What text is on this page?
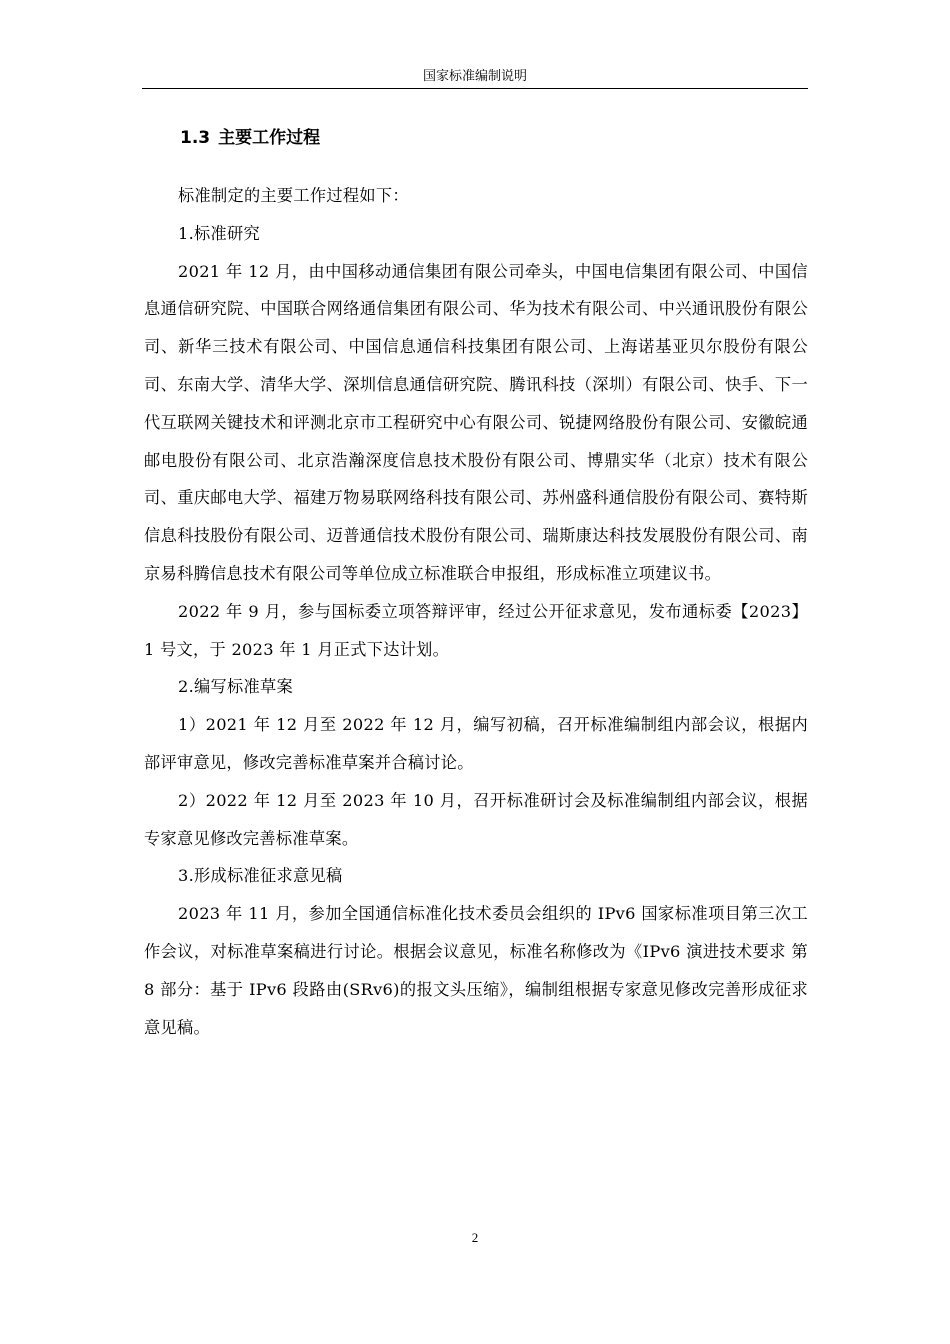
国家标准编制说明
1.3 主要工作过程

标准制定的主要工作过程如下：

1.标准研究

2021 年 12 月，由中国移动通信集团有限公司牵头，中国电信集团有限公司、中国信息通信研究院、中国联合网络通信集团有限公司、华为技术有限公司、中兴通讯股份有限公司、新华三技术有限公司、中国信息通信科技集团有限公司、上海诺基亚贝尔股份有限公司、东南大学、清华大学、深圳信息通信研究院、腾讯科技（深圳）有限公司、快手、下一代互联网关键技术和评测北京市工程研究中心有限公司、锐捷网络股份有限公司、安徽皖通邮电股份有限公司、北京浩瀚深度信息技术股份有限公司、博鼎实华（北京）技术有限公司、重庆邮电大学、福建万物易联网络科技有限公司、苏州盛科通信股份有限公司、赛特斯信息科技股份有限公司、迈普通信技术股份有限公司、瑞斯康达科技发展股份有限公司、南京易科腾信息技术有限公司等单位成立标准联合申报组，形成标准立项建议书。

2022 年 9 月，参与国标委立项答辩评审，经过公开征求意见，发布通标委【2023】1 号文，于 2023 年 1 月正式下达计划。

2.编写标准草案

1）2021 年 12 月至 2022 年 12 月，编写初稿，召开标准编制组内部会议，根据内部评审意见，修改完善标准草案并合稿讨论。

2）2022 年 12 月至 2023 年 10 月，召开标准研讨会及标准编制组内部会议，根据专家意见修改完善标准草案。

3.形成标准征求意见稿

2023 年 11 月，参加全国通信标准化技术委员会组织的 IPv6 国家标准项目第三次工作会议，对标准草案稿进行讨论。根据会议意见，标准名称修改为《IPv6 演进技术要求 第 8 部分：基于 IPv6 段路由(SRv6)的报文头压缩》，编制组根据专家意见修改完善形成征求意见稿。

2
